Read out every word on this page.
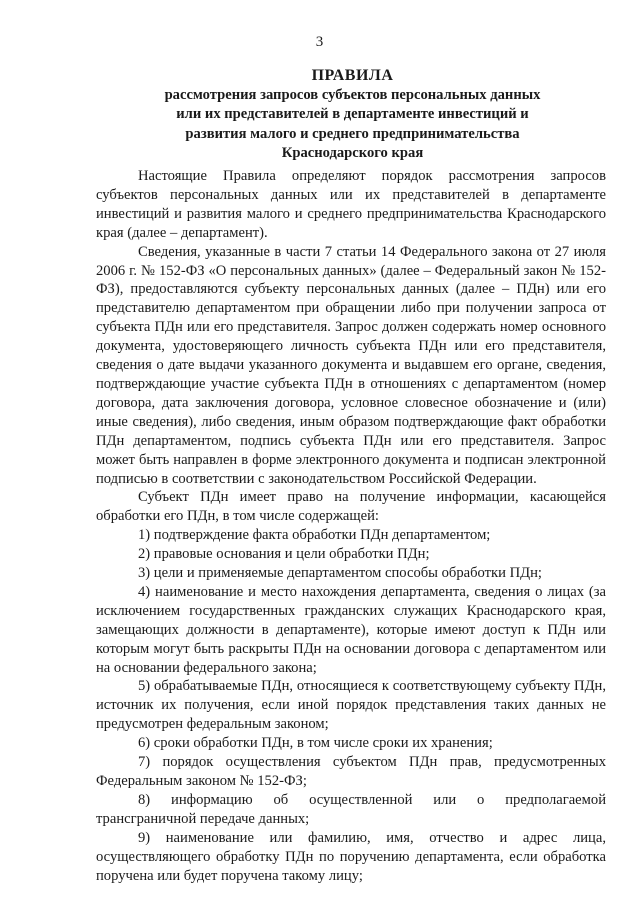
3
ПРАВИЛА
рассмотрения запросов субъектов персональных данных
или их представителей в департаменте инвестиций и
развития малого и среднего предпринимательства
Краснодарского края

Настоящие Правила определяют порядок рассмотрения запросов субъектов персональных данных или их представителей в департаменте инвестиций и развития малого и среднего предпринимательства Краснодарского края (далее – департамент).

Сведения, указанные в части 7 статьи 14 Федерального закона от 27 июля 2006 г. № 152-ФЗ «О персональных данных» (далее – Федеральный закон № 152-ФЗ), предоставляются субъекту персональных данных (далее – ПДн) или его представителю департаментом при обращении либо при получении запроса от субъекта ПДн или его представителя. Запрос должен содержать номер основного документа, удостоверяющего личность субъекта ПДн или его представителя, сведения о дате выдачи указанного документа и выдавшем его органе, сведения, подтверждающие участие субъекта ПДн в отношениях с департаментом (номер договора, дата заключения договора, условное словесное обозначение и (или) иные сведения), либо сведения, иным образом подтверждающие факт обработки ПДн департаментом, подпись субъекта ПДн или его представителя. Запрос может быть направлен в форме электронного документа и подписан электронной подписью в соответствии с законодательством Российской Федерации.

Субъект ПДн имеет право на получение информации, касающейся обработки его ПДн, в том числе содержащей:

1) подтверждение факта обработки ПДн департаментом;

2) правовые основания и цели обработки ПДн;

3) цели и применяемые департаментом способы обработки ПДн;

4) наименование и место нахождения департамента, сведения о лицах (за исключением государственных гражданских служащих Краснодарского края, замещающих должности в департаменте), которые имеют доступ к ПДн или которым могут быть раскрыты ПДн на основании договора с департаментом или на основании федерального закона;

5) обрабатываемые ПДн, относящиеся к соответствующему субъекту ПДн, источник их получения, если иной порядок представления таких данных не предусмотрен федеральным законом;

6) сроки обработки ПДн, в том числе сроки их хранения;

7) порядок осуществления субъектом ПДн прав, предусмотренных Федеральным законом № 152-ФЗ;

8) информацию об осуществленной или о предполагаемой трансграничной передаче данных;

9) наименование или фамилию, имя, отчество и адрес лица, осуществляющего обработку ПДн по поручению департамента, если обработка поручена или будет поручена такому лицу;
